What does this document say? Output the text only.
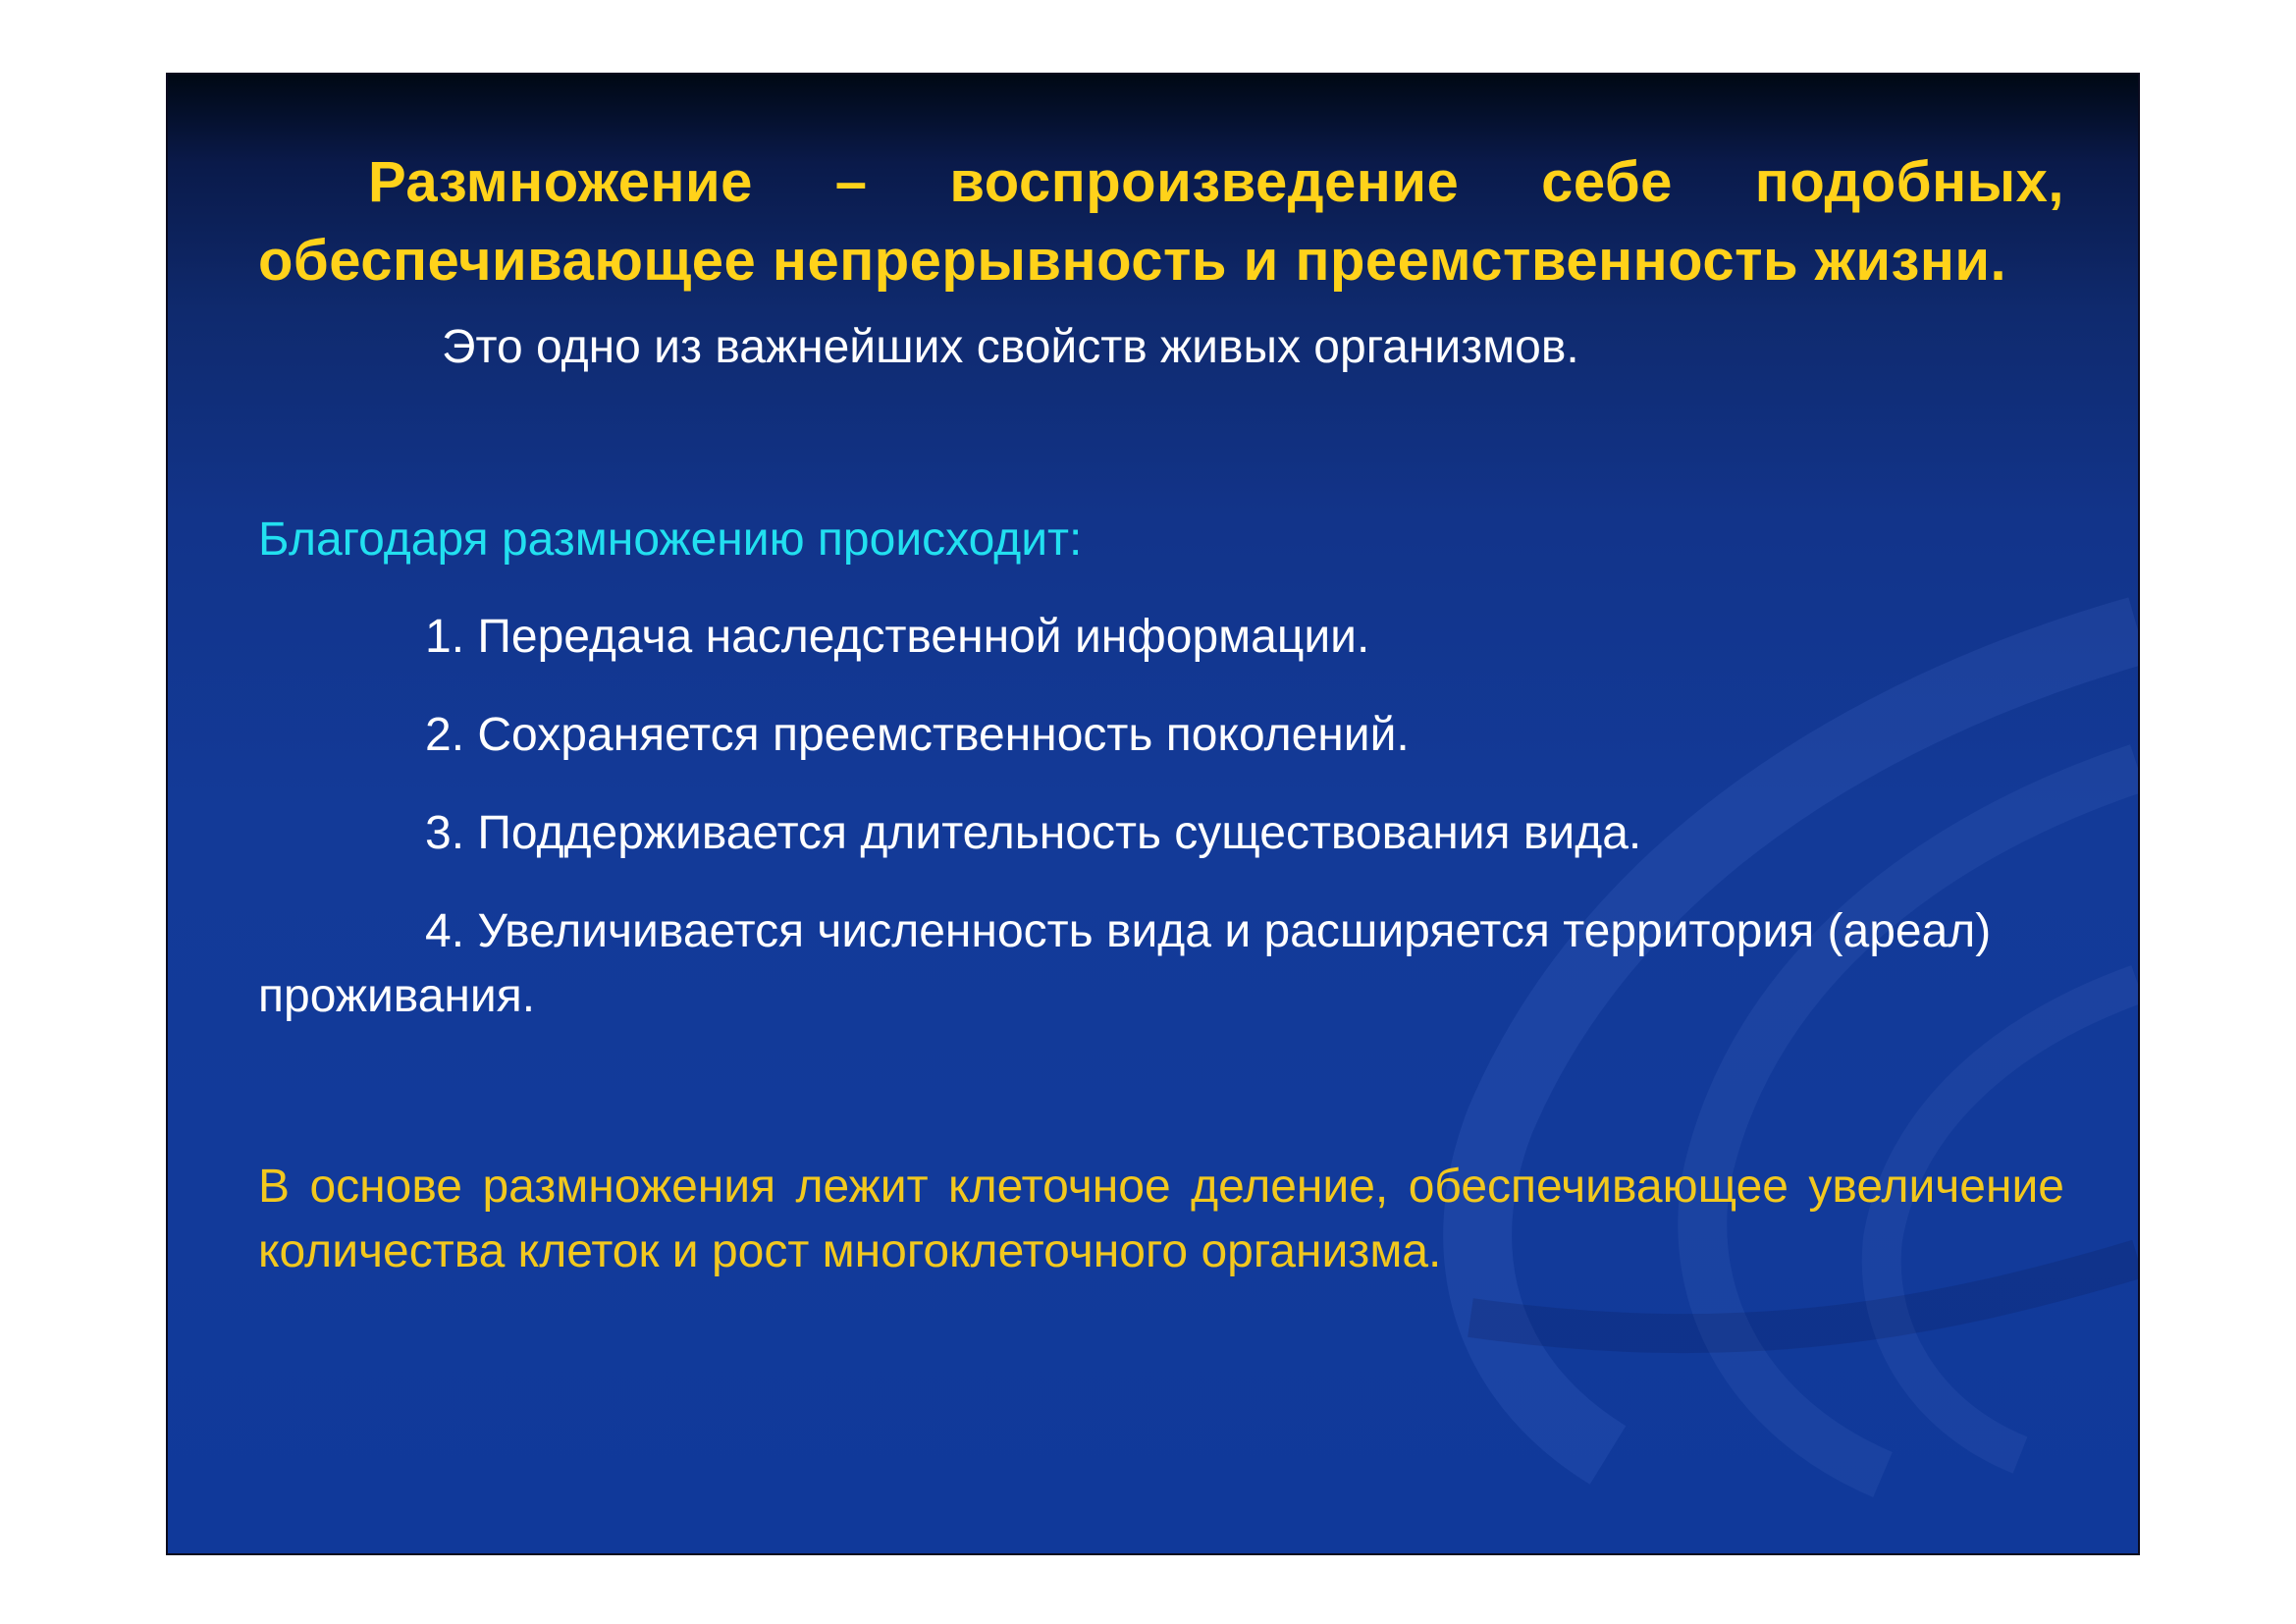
Размножение – воспроизведение себе подобных, обеспечивающее непрерывность и преемственность жизни.

Это одно из важнейших свойств живых организмов.

Благодаря размножению происходит:

1. Передача наследственной информации.
2. Сохраняется преемственность поколений.
3. Поддерживается длительность существования вида.
4. Увеличивается численность вида и расширяется территория (ареал) проживания.

В основе размножения лежит клеточное деление, обеспечивающее увеличение количества клеток и рост многоклеточного организма.
